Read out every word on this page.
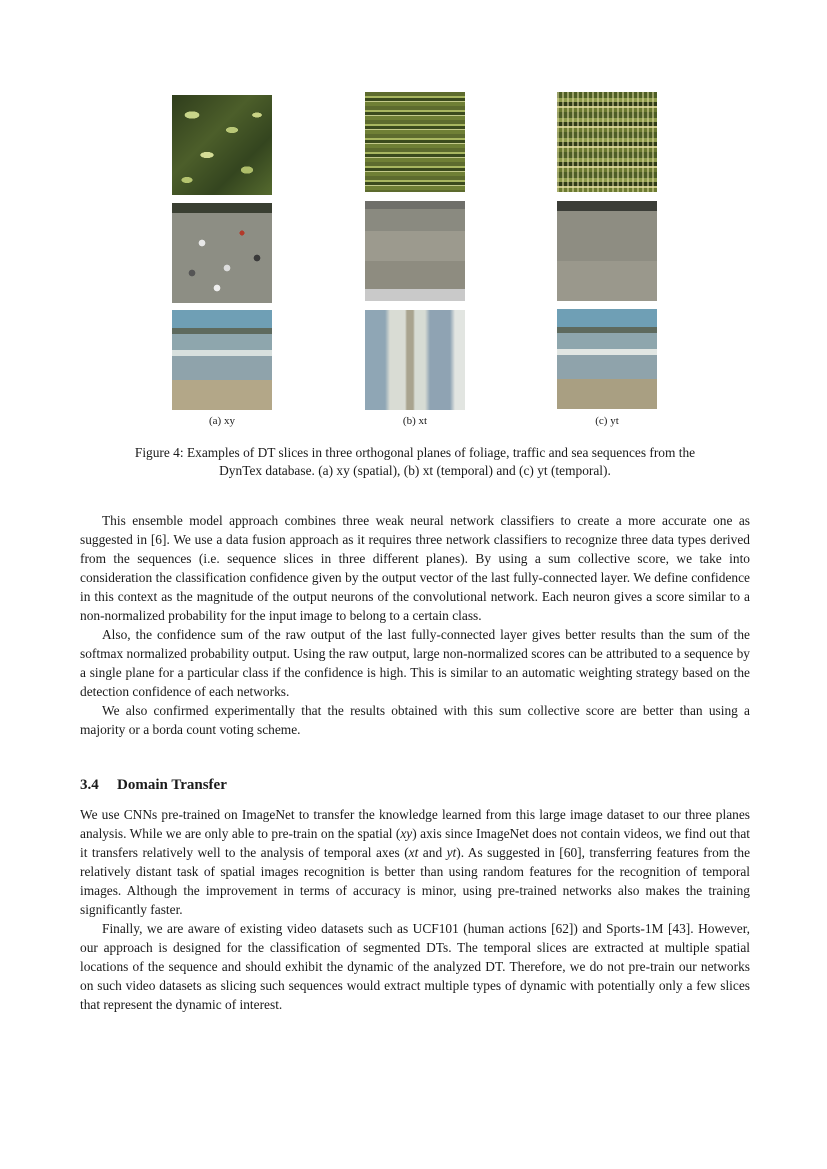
(a) xy	(b) xt	(c) yt
Figure 4: Examples of DT slices in three orthogonal planes of foliage, traffic and sea sequences from the
DynTex database. (a) xy (spatial), (b) xt (temporal) and (c) yt (temporal).

This ensemble model approach combines three weak neural network classifiers to create a more accurate one as suggested in [6]. We use a data fusion approach as it requires three network classifiers to recognize three data types derived from the sequences (i.e. sequence slices in three different planes). By using a sum collective score, we take into consideration the classification confidence given by the output vector of the last fully-connected layer. We define confidence in this context as the magnitude of the output neurons of the convolutional network. Each neuron gives a score similar to a non-normalized probability for the input image to belong to a certain class.

Also, the confidence sum of the raw output of the last fully-connected layer gives better results than the sum of the softmax normalized probability output. Using the raw output, large non-normalized scores can be attributed to a sequence by a single plane for a particular class if the confidence is high. This is similar to an automatic weighting strategy based on the detection confidence of each networks.

We also confirmed experimentally that the results obtained with this sum collective score are better than using a majority or a borda count voting scheme.

3.4 Domain Transfer

We use CNNs pre-trained on ImageNet to transfer the knowledge learned from this large image dataset to our three planes analysis. While we are only able to pre-train on the spatial (xy) axis since ImageNet does not contain videos, we find out that it transfers relatively well to the analysis of temporal axes (xt and yt). As suggested in [60], transferring features from the relatively distant task of spatial images recognition is better than using random features for the recognition of temporal images. Although the improvement in terms of accuracy is minor, using pre-trained networks also makes the training significantly faster.

Finally, we are aware of existing video datasets such as UCF101 (human actions [62]) and Sports-1M [43]. However, our approach is designed for the classification of segmented DTs. The temporal slices are extracted at multiple spatial locations of the sequence and should exhibit the dynamic of the analyzed DT. Therefore, we do not pre-train our networks on such video datasets as slicing such sequences would extract multiple types of dynamic with potentially only a few slices that represent the dynamic of interest.
